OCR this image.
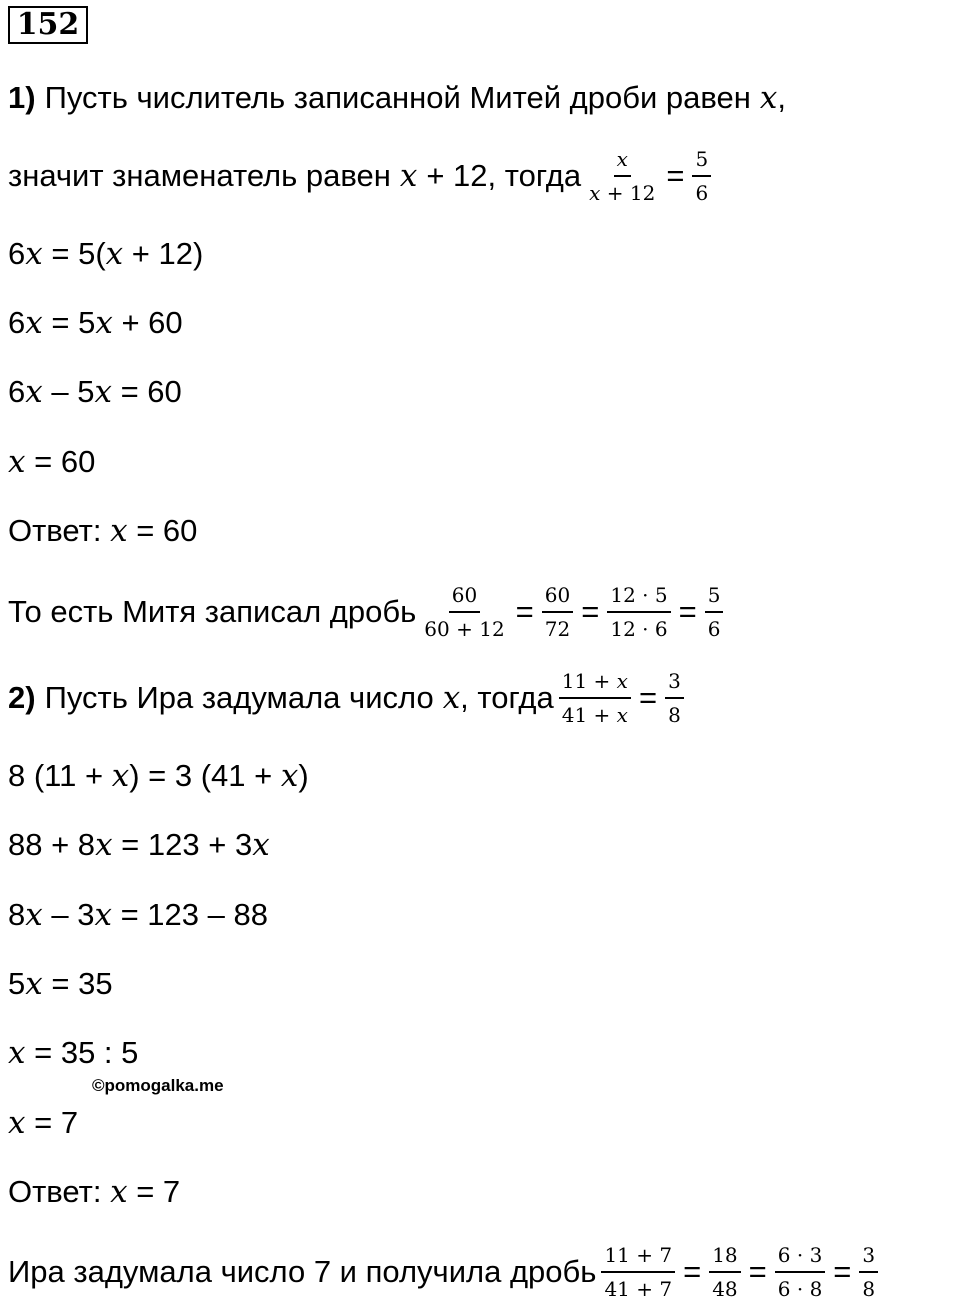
152
1) Пусть числитель записанной Митей дроби равен 𝑥 ,
значит знаменатель равен 𝑥 + 12, тогда $\frac{\text{𝑥}}{\text{𝑥 + 12}} = \frac{5}{6}$
6 𝑥
= 5( 𝑥
+ 12)
6 𝑥
= 5 𝑥
+ 60
6 𝑥
– 5 𝑥
= 60
𝑥
= 60
Ответ:
𝑥
= 60
То есть Митя записал дробь $\frac{60}{60 + 12} = \frac{60}{72} = \frac{12 \cdot 5}{12 \cdot 6} = \frac{5}{6}$
2) Пусть Ира задумала число 𝑥 , тогда $\frac{\text{11 + 𝑥}}{\text{41 + 𝑥}} = \frac{3}{8}$
8 (11 +
𝑥 ) = 3 (41 +
𝑥 )
88 + 8 𝑥
= 123 + 3 𝑥
8 𝑥
– 3 𝑥
= 123 – 88
5 𝑥
= 35
𝑥
= 35 : 5
©pomogalka.me
𝑥
= 7
Ответ:
𝑥
= 7
Ира задумала число 7 и получила дробь $\frac{11 + 7}{41 + 7} = \frac{18}{48} = \frac{6 \cdot 3}{6 \cdot 8} = \frac{3}{8}$
